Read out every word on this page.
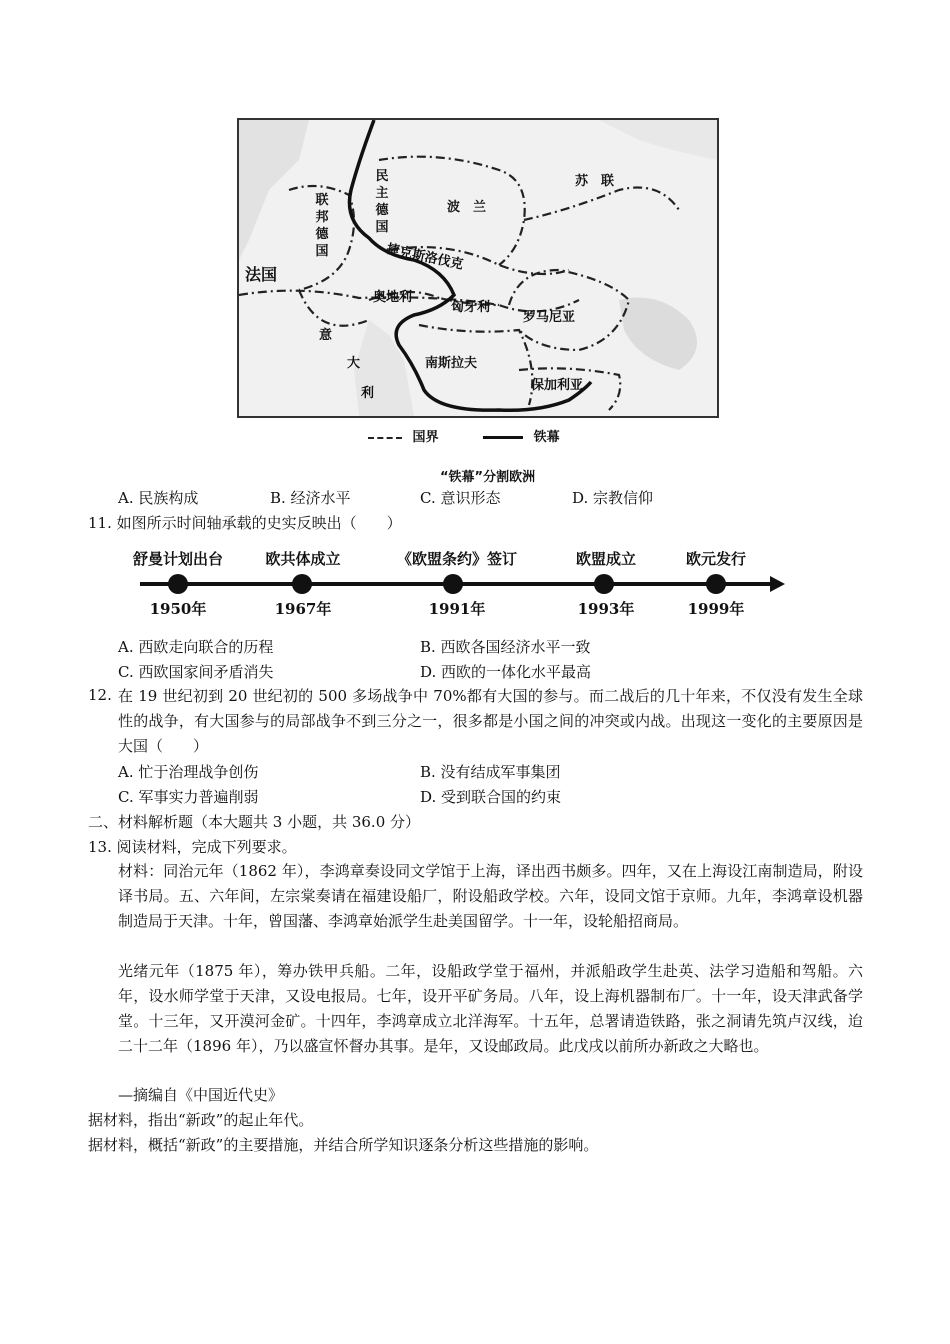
苏　联
波　兰
民主德国
联邦德国
法国
捷克斯洛伐克
奥地利
匈牙利
罗马尼亚
意
大
利
南斯拉夫
保加利亚
国界	铁幕
“铁幕”分割欧洲
A. 民族构成	B. 经济水平	C. 意识形态	D. 宗教信仰
11. 如图所示时间轴承载的史实反映出（　　）
舒曼计划出台	欧共体成立	《欧盟条约》签订	欧盟成立	欧元发行
1950年	1967年	1991年	1993年	1999年
A. 西欧走向联合的历程	B. 西欧各国经济水平一致
C. 西欧国家间矛盾消失	D. 西欧的一体化水平最高
12. 在 19 世纪初到 20 世纪初的 500 多场战争中 70%都有大国的参与。而二战后的几十年来，不仅没有发生全球性的战争，有大国参与的局部战争不到三分之一，很多都是小国之间的冲突或内战。出现这一变化的主要原因是大国（　　）
A. 忙于治理战争创伤	B. 没有结成军事集团
C. 军事实力普遍削弱	D. 受到联合国的约束
二、材料解析题（本大题共 3 小题，共 36.0 分）
13. 阅读材料，完成下列要求。
材料：同治元年（1862 年），李鸿章奏设同文学馆于上海，译出西书颇多。四年，又在上海设江南制造局，附设译书局。五、六年间，左宗棠奏请在福建设船厂，附设船政学校。六年，设同文馆于京师。九年，李鸿章设机器制造局于天津。十年，曾国藩、李鸿章始派学生赴美国留学。十一年，设轮船招商局。
光绪元年（1875 年），筹办铁甲兵船。二年，设船政学堂于福州，并派船政学生赴英、法学习造船和驾船。六年，设水师学堂于天津，又设电报局。七年，设开平矿务局。八年，设上海机器制布厂。十一年，设天津武备学堂。十三年，又开漠河金矿。十四年，李鸿章成立北洋海军。十五年，总署请造铁路，张之洞请先筑卢汉线，迨二十二年（1896 年），乃以盛宣怀督办其事。是年，又设邮政局。此戊戌以前所办新政之大略也。
—摘编自《中国近代史》
据材料，指出“新政”的起止年代。
据材料，概括“新政”的主要措施，并结合所学知识逐条分析这些措施的影响。
